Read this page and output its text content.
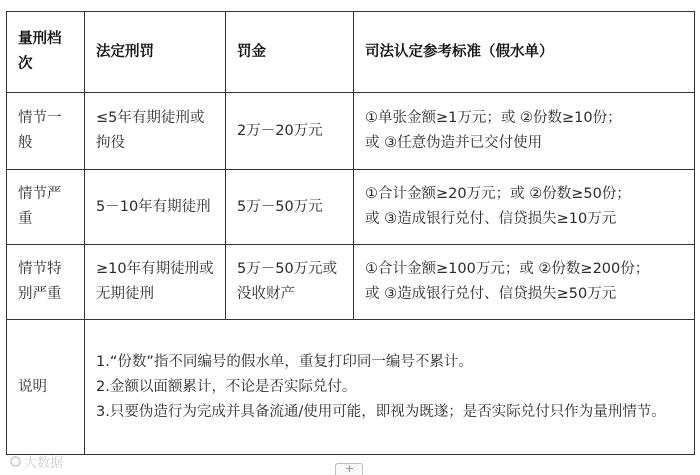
量刑档次	法定刑罚	罚金	司法认定参考标准（假水单）
情节一般	≤5年有期徒刑或拘役	2万－20万元	①单张金额≥1万元；或 ②份数≥10份；
或 ③任意伪造并已交付使用

情节严重	5－10年有期徒刑	5万－50万元	①合计金额≥20万元；或 ②份数≥50份；
或 ③造成银行兑付、信贷损失≥10万元

情节特别严重	≥10年有期徒刑或无期徒刑	5万－50万元或没收财产	①合计金额≥100万元；或 ②份数≥200份；
或 ③造成银行兑付、信贷损失≥50万元

说明	1.“份数”指不同编号的假水单，重复打印同一编号不累计。
2.金额以面额累计，不论是否实际兑付。
3.只要伪造行为完成并具备流通/使用可能，即视为既遂；是否实际兑付只作为量刑情节。		
大数据	+
